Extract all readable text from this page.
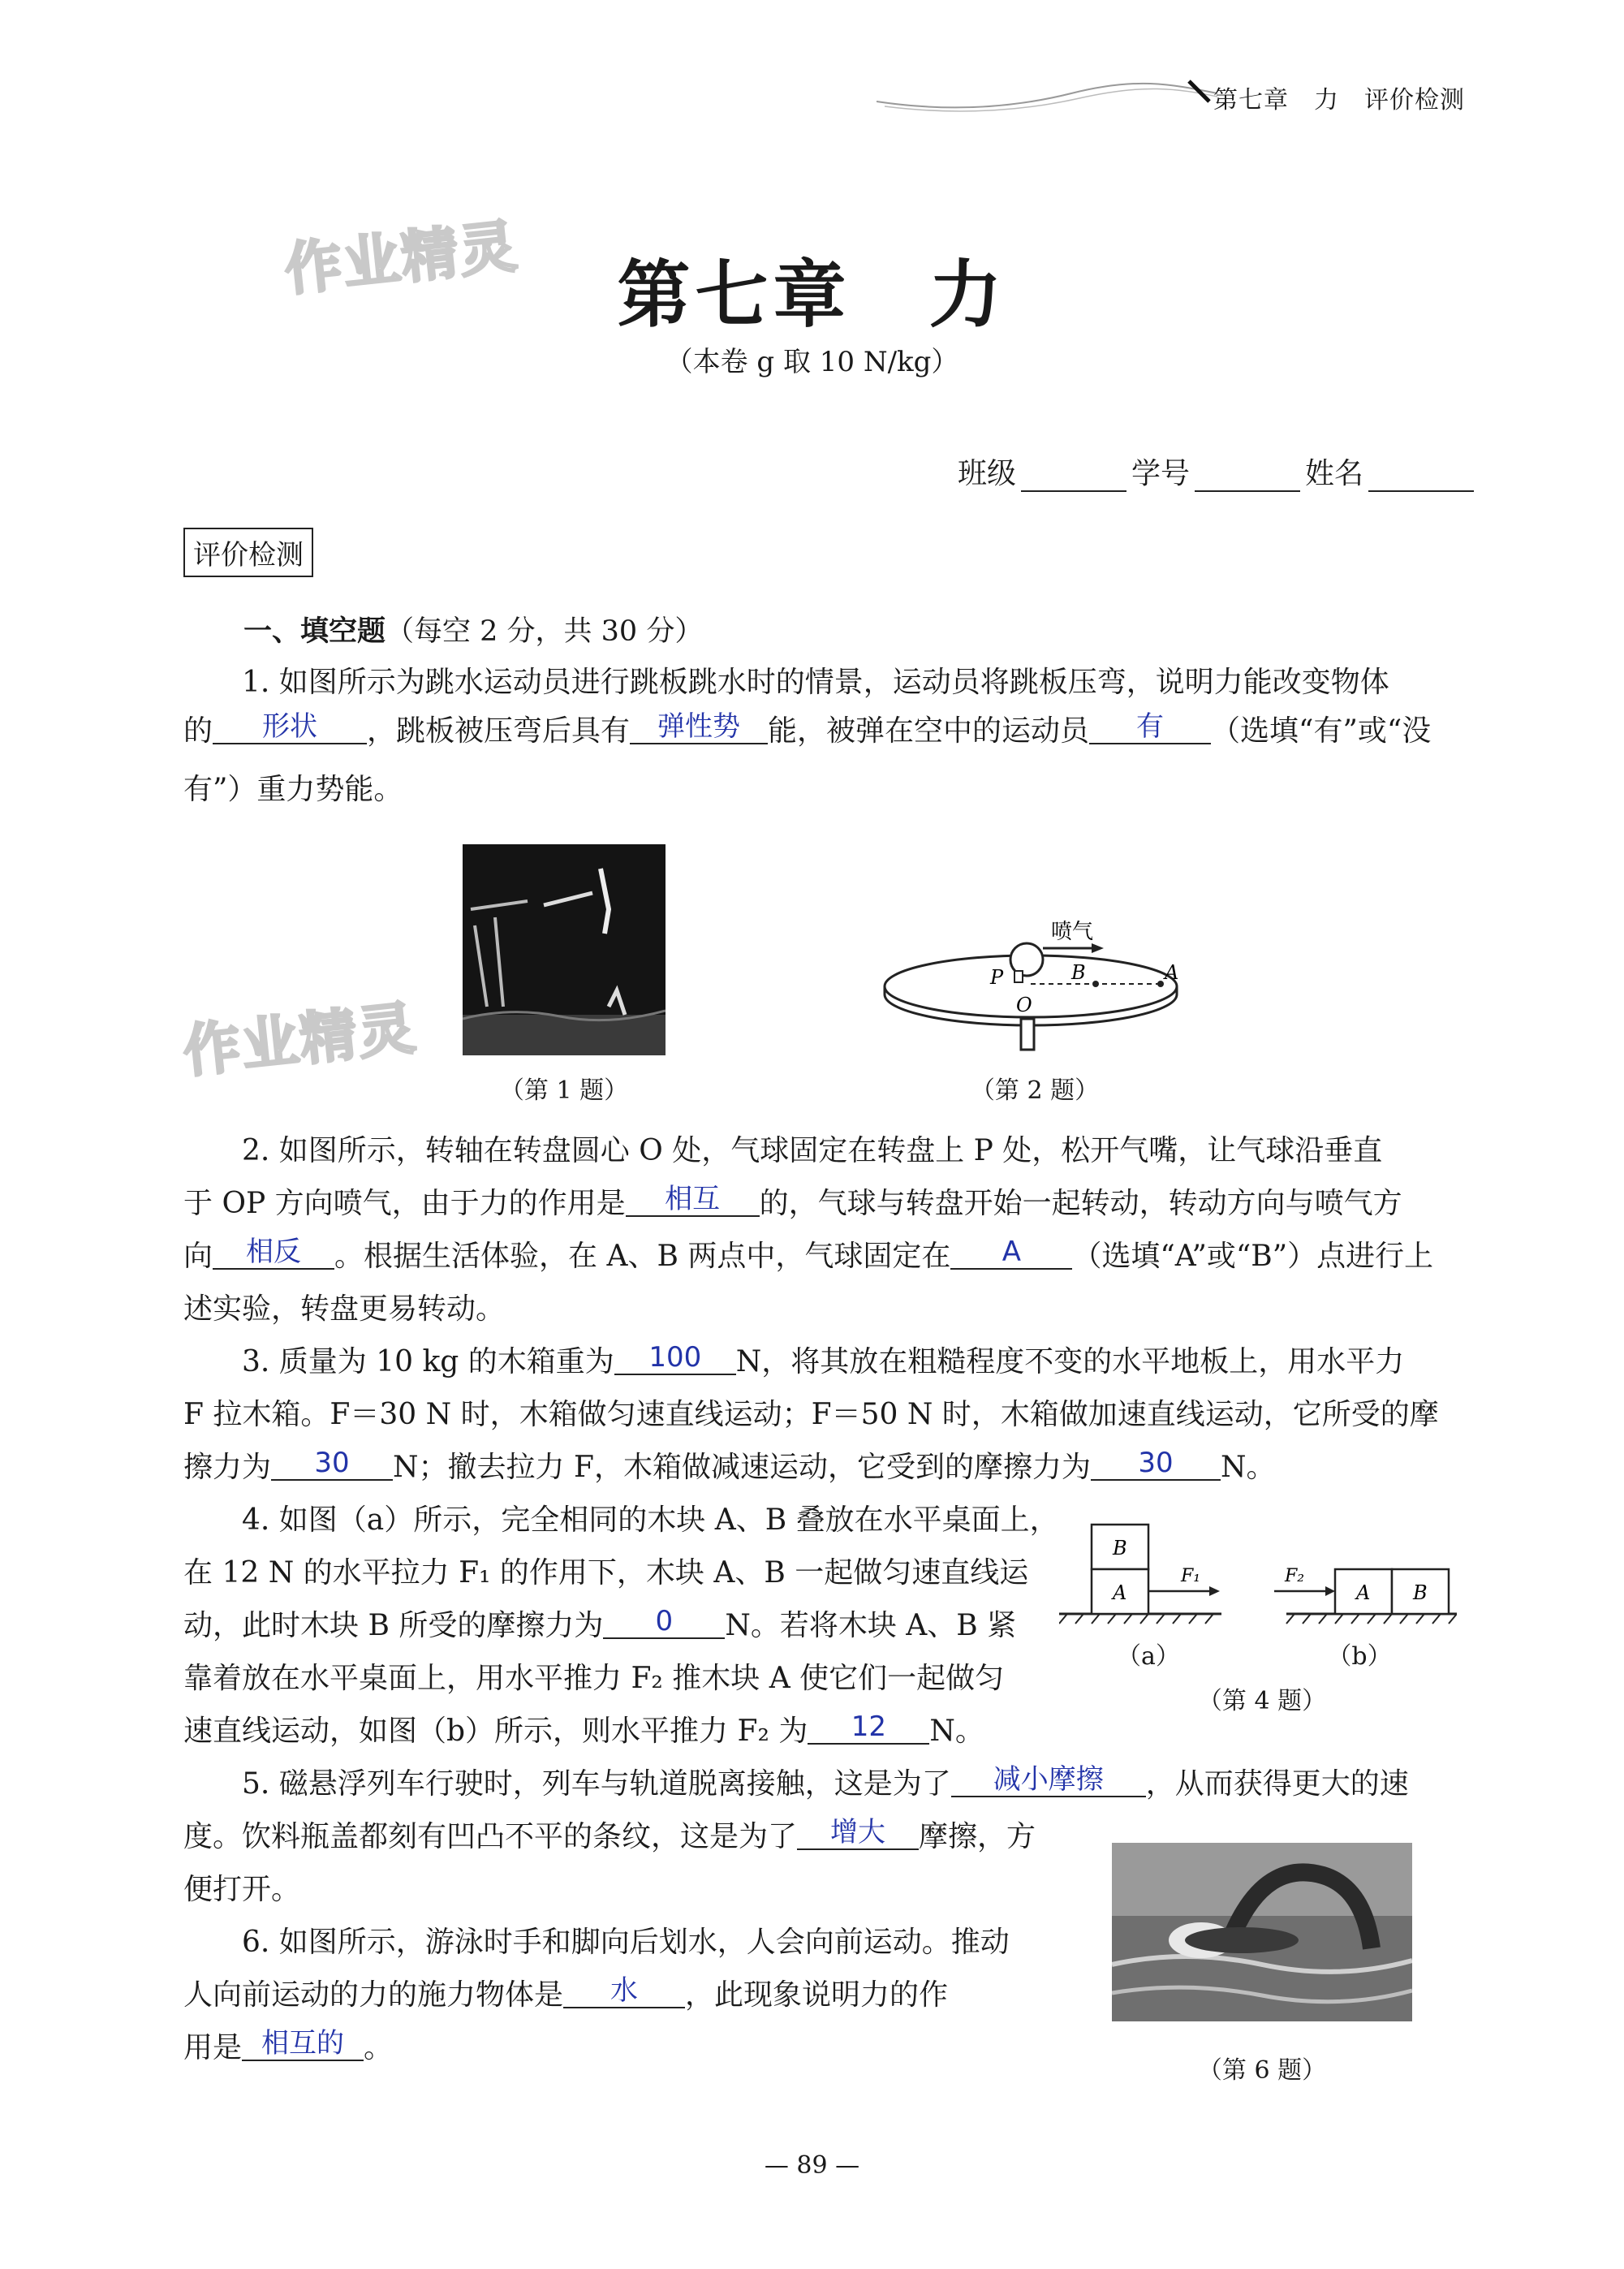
第七章　力　评价检测
作业精灵
作业精灵
第七章　力
（本卷 g 取 10 N/kg）
班级	学号	姓名
评价检测
一、填空题（每空 2 分，共 30 分）
1. 如图所示为跳水运动员进行跳板跳水时的情景，运动员将跳板压弯，说明力能改变物体
的 形状 ，跳板被压弯后具有 弹性势 能，被弹在空中的运动员 有 （选填“有”或“没
有”）重力势能。
（第 1 题）
P
O
B	A
喷气
（第 2 题）
2. 如图所示，转轴在转盘圆心 O 处，气球固定在转盘上 P 处，松开气嘴，让气球沿垂直
于 OP 方向喷气，由于力的作用是 相互 的，气球与转盘开始一起转动，转动方向与喷气方
向 相反 。根据生活体验，在 A、B 两点中，气球固定在 A （选填“A”或“B”）点进行上
述实验，转盘更易转动。
3. 质量为 10 kg 的木箱重为 100 N，将其放在粗糙程度不变的水平地板上，用水平力
F 拉木箱。F＝30 N 时，木箱做匀速直线运动；F＝50 N 时，木箱做加速直线运动，它所受的摩
擦力为 30 N；撤去拉力 F，木箱做减速运动，它受到的摩擦力为 30 N。
4. 如图（a）所示，完全相同的木块 A、B 叠放在水平桌面上，
在 12 N 的水平拉力 F₁ 的作用下，木块 A、B 一起做匀速直线运
动，此时木块 B 所受的摩擦力为 0 N。若将木块 A、B 紧
靠着放在水平桌面上，用水平推力 F₂ 推木块 A 使它们一起做匀
速直线运动，如图（b）所示，则水平推力 F₂ 为 12 N。
B
A
F₁
A B
F₂
（a）	（b）
（第 4 题）
5. 磁悬浮列车行驶时，列车与轨道脱离接触，这是为了 减小摩擦 ，从而获得更大的速
度。饮料瓶盖都刻有凹凸不平的条纹，这是为了 增大 摩擦，方
便打开。
（第 6 题）
6. 如图所示，游泳时手和脚向后划水，人会向前运动。推动
人向前运动的力的施力物体是 水 ，此现象说明力的作
用是 相互的 。
— 89 —
